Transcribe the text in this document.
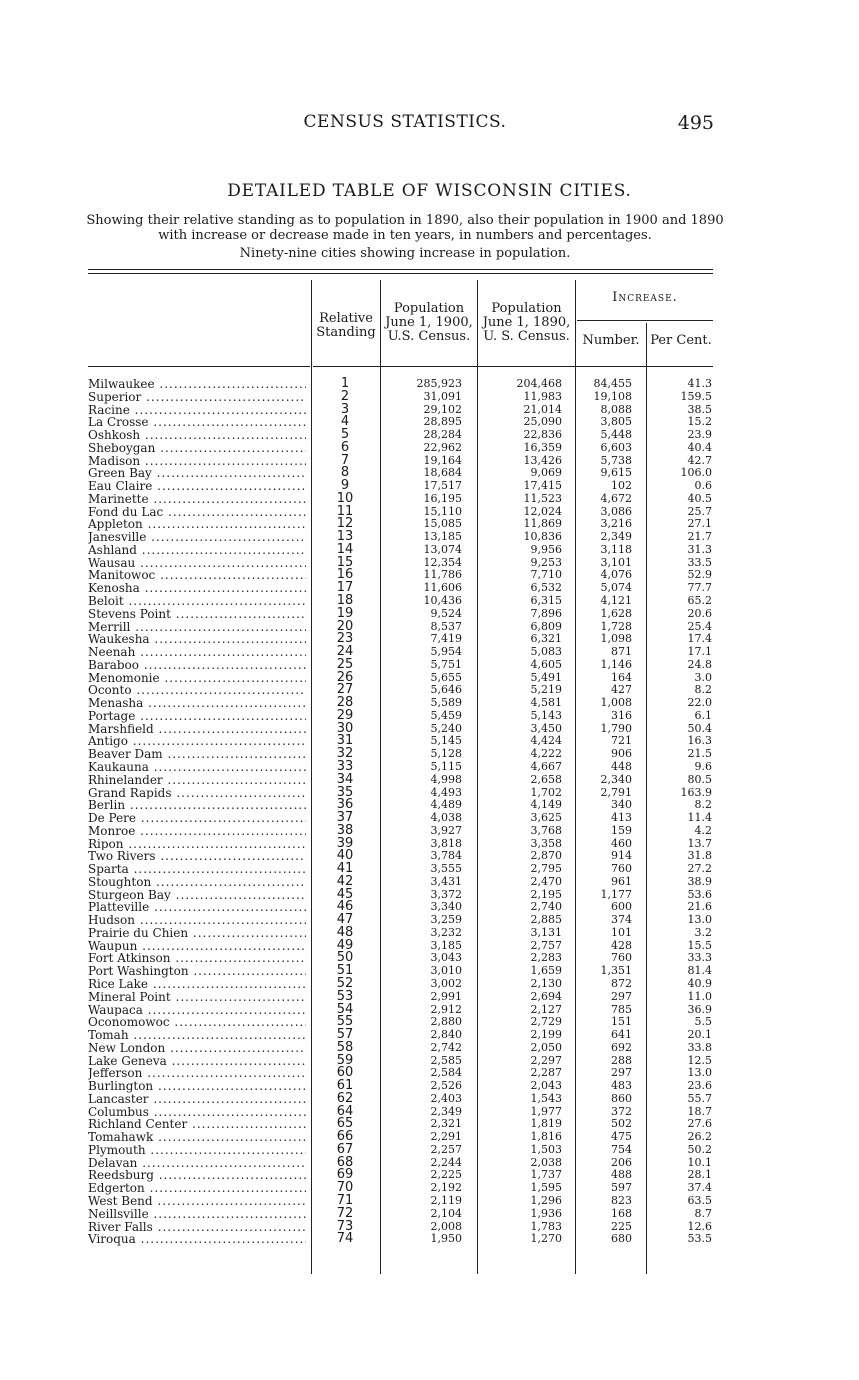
CENSUS STATISTICS.	495
DETAILED TABLE OF WISCONSIN CITIES.
Showing their relative standing as to population in 1890, also their population in 1900 and 1890 with increase or decrease made in ten years, in numbers and percentages.
Ninety-nine cities showing increase in population.
Relative Standing
Population June 1, 1900, U.S. Census.
Population June 1, 1890, U. S. Census.
Increase.
Number. Per Cent.
Milwaukee .....	1	285,923	204,468	84,455	41.3
Superior .....	2	31,091	11,983	19,108	159.5
Racine .....	3	29,102	21,014	8,088	38.5
La Crosse .....	4	28,895	25,090	3,805	15.2
Oshkosh .....	5	28,284	22,836	5,448	23.9
Sheboygan .....	6	22,962	16,359	6,603	40.4
Madison .....	7	19,164	13,426	5,738	42.7
Green Bay .....	8	18,684	9,069	9,615	106.0
Eau Claire .....	9	17,517	17,415	102	0.6
Marinette .....	10	16,195	11,523	4,672	40.5
Fond du Lac .....	11	15,110	12,024	3,086	25.7
Appleton .....	12	15,085	11,869	3,216	27.1
Janesville .....	13	13,185	10,836	2,349	21.7
Ashland .....	14	13,074	9,956	3,118	31.3
Wausau .....	15	12,354	9,253	3,101	33.5
Manitowoc .....	16	11,786	7,710	4,076	52.9
Kenosha .....	17	11,606	6,532	5,074	77.7
Beloit .....	18	10,436	6,315	4,121	65.2
Stevens Point .....	19	9,524	7,896	1,628	20.6
Merrill .....	20	8,537	6,809	1,728	25.4
Waukesha .....	23	7,419	6,321	1,098	17.4
Neenah .....	24	5,954	5,083	871	17.1
Baraboo .....	25	5,751	4,605	1,146	24.8
Menomonie .....	26	5,655	5,491	164	3.0
Oconto .....	27	5,646	5,219	427	8.2
Menasha .....	28	5,589	4,581	1,008	22.0
Portage .....	29	5,459	5,143	316	6.1
Marshfield .....	30	5,240	3,450	1,790	50.4
Antigo .....	31	5,145	4,424	721	16.3
Beaver Dam .....	32	5,128	4,222	906	21.5
Kaukauna .....	33	5,115	4,667	448	9.6
Rhinelander .....	34	4,998	2,658	2,340	80.5
Grand Rapids .....	35	4,493	1,702	2,791	163.9
Berlin .....	36	4,489	4,149	340	8.2
De Pere .....	37	4,038	3,625	413	11.4
Monroe .....	38	3,927	3,768	159	4.2
Ripon .....	39	3,818	3,358	460	13.7
Two Rivers .....	40	3,784	2,870	914	31.8
Sparta .....	41	3,555	2,795	760	27.2
Stoughton .....	42	3,431	2,470	961	38.9
Sturgeon Bay .....	45	3,372	2,195	1,177	53.6
Platteville .....	46	3,340	2,740	600	21.6
Hudson .....	47	3,259	2,885	374	13.0
Prairie du Chien .....	48	3,232	3,131	101	3.2
Waupun .....	49	3,185	2,757	428	15.5
Fort Atkinson .....	50	3,043	2,283	760	33.3
Port Washington .....	51	3,010	1,659	1,351	81.4
Rice Lake .....	52	3,002	2,130	872	40.9
Mineral Point .....	53	2,991	2,694	297	11.0
Waupaca .....	54	2,912	2,127	785	36.9
Oconomowoc .....	55	2,880	2,729	151	5.5
Tomah .....	57	2,840	2,199	641	20.1
New London .....	58	2,742	2,050	692	33.8
Lake Geneva .....	59	2,585	2,297	288	12.5
Jefferson .....	60	2,584	2,287	297	13.0
Burlington .....	61	2,526	2,043	483	23.6
Lancaster .....	62	2,403	1,543	860	55.7
Columbus .....	64	2,349	1,977	372	18.7
Richland Center .....	65	2,321	1,819	502	27.6
Tomahawk .....	66	2,291	1,816	475	26.2
Plymouth .....	67	2,257	1,503	754	50.2
Delavan .....	68	2,244	2,038	206	10.1
Reedsburg .....	69	2,225	1,737	488	28.1
Edgerton .....	70	2,192	1,595	597	37.4
West Bend .....	71	2,119	1,296	823	63.5
Neillsville .....	72	2,104	1,936	168	8.7
River Falls .....	73	2,008	1,783	225	12.6
Viroqua .....	74	1,950	1,270	680	53.5
